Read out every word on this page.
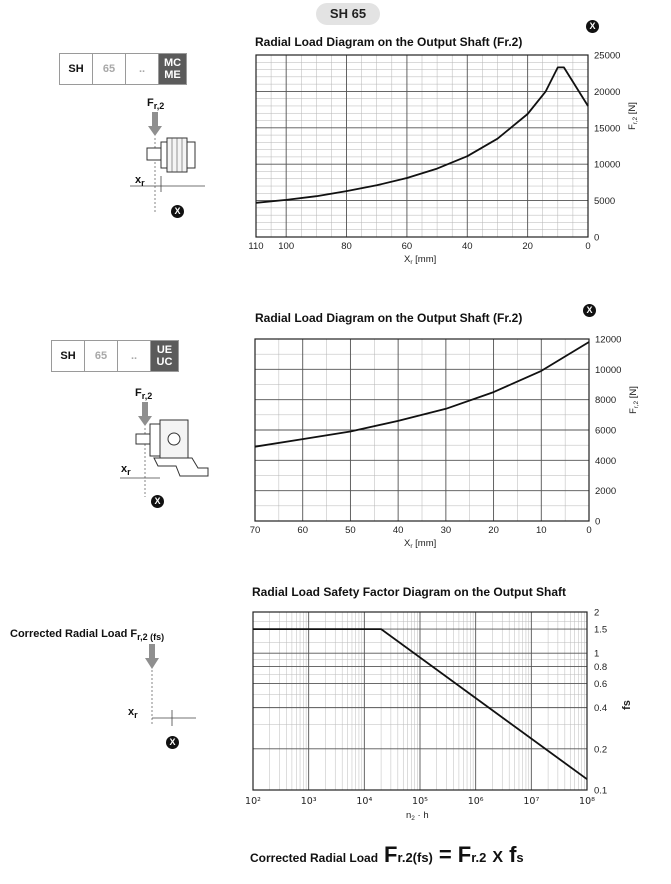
SH 65
X
Radial Load Diagram on the Output Shaft (Fr.2)
SH	65	..	MC
ME
$F_{r,2}$
$x_r$
X
110 100	80	60	40	20	0
0
5000
10000
15000
20000
25000
$X_r$ [mm]
$F_{r,2}$ [N]
X
Radial Load Diagram on the Output Shaft (Fr.2)
SH	65	..	UE
UC
$F_{r,2}$
$x_r$
X
70	60	50	40	30	20	10	0
0
2000
4000
6000
8000
10000
12000
$X_r$ [mm]
$F_{r,2}$ [N]
Radial Load Safety Factor Diagram on the Output Shaft
Corrected Radial Load $F_{r,2 (fs)}$
$x_r$
X
10²	10³	10⁴	10⁵	10⁶	10⁷	10⁸
2
1.5
1
0.8
0.6
0.4
0.2
0.1
$n_2 \cdot h$
fs
Corrected Radial Load Fr.2(fs) = Fr.2 X fs
